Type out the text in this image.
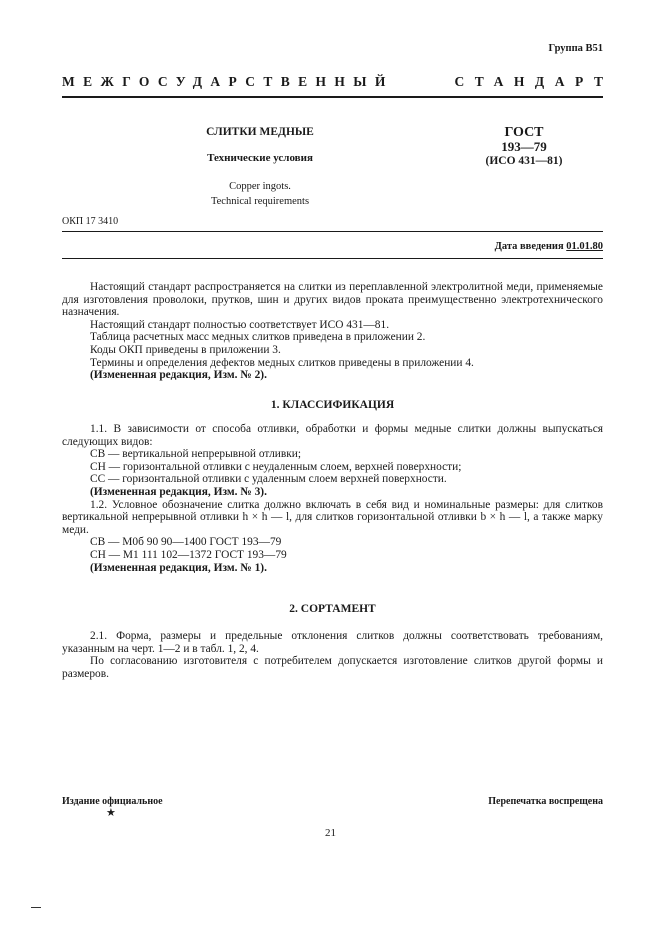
Группа В51
МЕЖГОСУДАРСТВЕННЫЙ	СТАНДАРТ
СЛИТКИ МЕДНЫЕ
Технические условия
Copper ingots.
Technical requirements
ГОСТ
193—79
(ИСО 431—81)
ОКП 17 3410
Дата введения 01.01.80

Настоящий стандарт распространяется на слитки из переплавленной электролитной меди, применяемые для изготовления проволоки, прутков, шин и других видов проката преимущественно электротехнического назначения.

Настоящий стандарт полностью соответствует ИСО 431—81.

Таблица расчетных масс медных слитков приведена в приложении 2.

Коды ОКП приведены в приложении 3.

Термины и определения дефектов медных слитков приведены в приложении 4.

(Измененная редакция, Изм. № 2).

1. КЛАССИФИКАЦИЯ

1.1. В зависимости от способа отливки, обработки и формы медные слитки должны выпускаться следующих видов:

СВ — вертикальной непрерывной отливки;

СН — горизонтальной отливки с неудаленным слоем, верхней поверхности;

СС — горизонтальной отливки с удаленным слоем верхней поверхности.

(Измененная редакция, Изм. № 3).

1.2. Условное обозначение слитка должно включать в себя вид и номинальные размеры: для слитков вертикальной непрерывной отливки h × h — l, для слитков горизонтальной отливки b × h — l, а также марку меди.

СВ — М0б 90 90—1400 ГОСТ 193—79

СН — М1 111 102—1372 ГОСТ 193—79

(Измененная редакция, Изм. № 1).

2. СОРТАМЕНТ

2.1. Форма, размеры и предельные отклонения слитков должны соответствовать требованиям, указанным на черт. 1—2 и в табл. 1, 2, 4.

По согласованию изготовителя с потребителем допускается изготовление слитков другой формы и размеров.

Издание официальное
★
Перепечатка воспрещена
21
